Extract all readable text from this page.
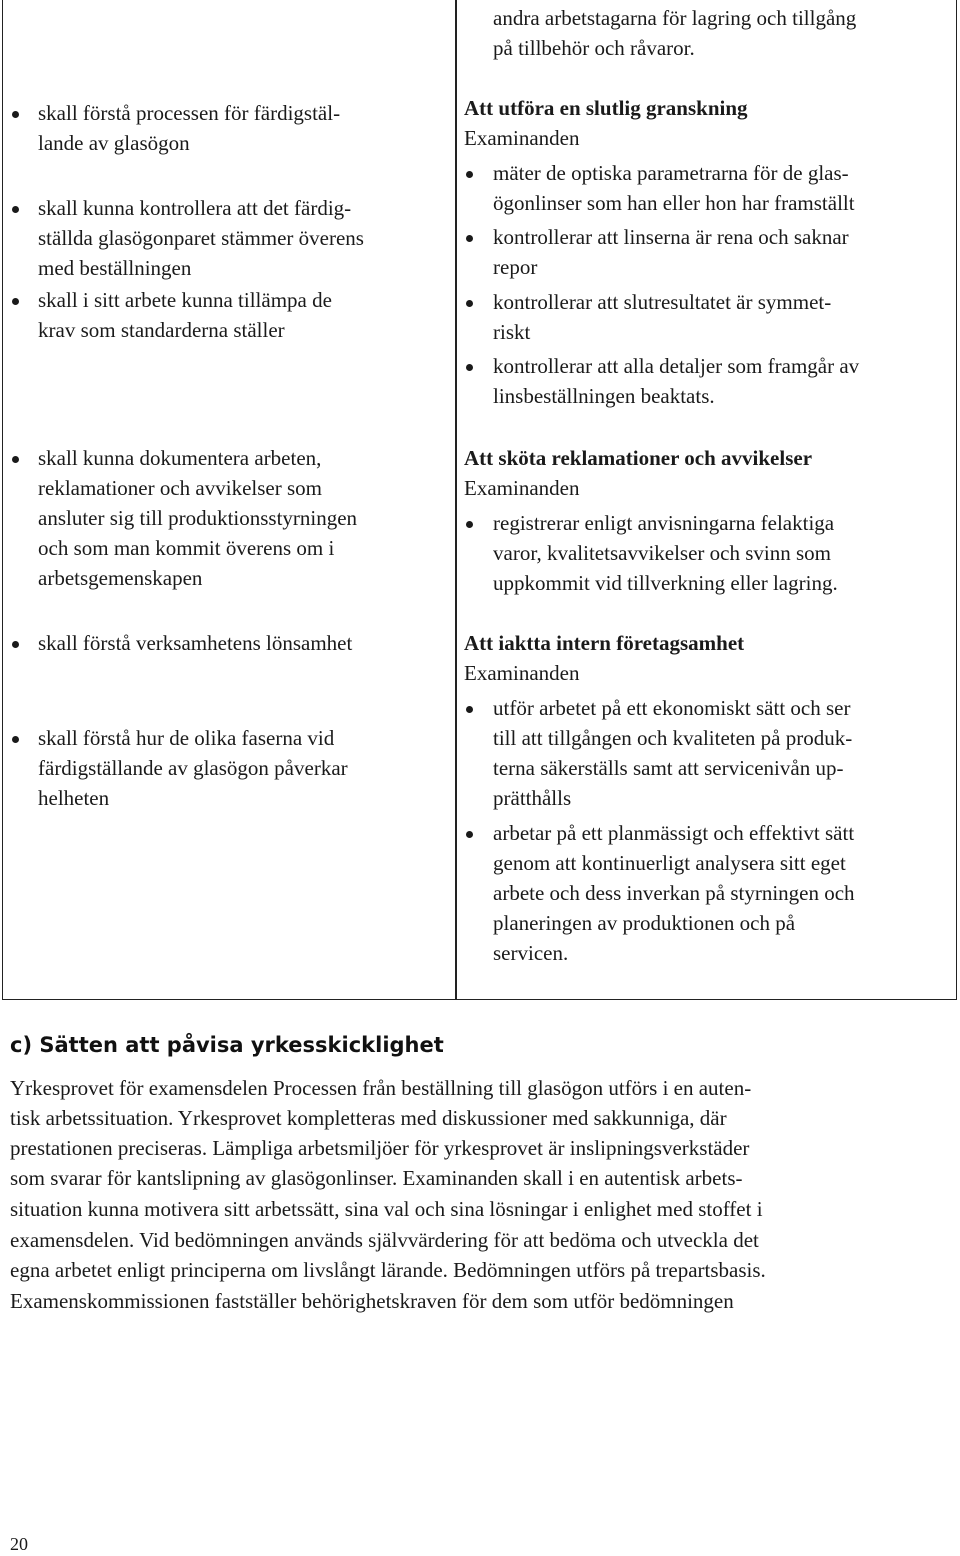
skall förstå processen för färdigstäl-
lande av glasögon
skall kunna kontrollera att det färdig-
ställda glasögonparet stämmer överens
med beställningen
skall i sitt arbete kunna tillämpa de
krav som standarderna ställer
skall kunna dokumentera arbeten,
reklamationer och avvikelser som
ansluter sig till produktionsstyrningen
och som man kommit överens om i
arbetsgemenskapen
skall förstå verksamhetens lönsamhet
skall förstå hur de olika faserna vid
färdigställande av glasögon påverkar
helheten
andra arbetstagarna för lagring och tillgång
på tillbehör och råvaror.
Att utföra en slutlig granskning
Examinanden
mäter de optiska parametrarna för de glas-
ögonlinser som han eller hon har framställt
kontrollerar att linserna är rena och saknar
repor
kontrollerar att slutresultatet är symmet-
riskt
kontrollerar att alla detaljer som framgår av
linsbeställningen beaktats.
Att sköta reklamationer och avvikelser
Examinanden
registrerar enligt anvisningarna felaktiga
varor, kvalitetsavvikelser och svinn som
uppkommit vid tillverkning eller lagring.
Att iaktta intern företagsamhet
Examinanden
utför arbetet på ett ekonomiskt sätt och ser
till att tillgången och kvaliteten på produk-
terna säkerställs samt att servicenivån up-
prätthålls
arbetar på ett planmässigt och effektivt sätt
genom att kontinuerligt analysera sitt eget
arbete och dess inverkan på styrningen och
planeringen av produktionen och på
servicen.
c) Sätten att påvisa yrkesskicklighet
Yrkesprovet för examensdelen Processen från beställning till glasögon utförs i en auten-
tisk arbetssituation. Yrkesprovet kompletteras med diskussioner med sakkunniga, där
prestationen preciseras. Lämpliga arbetsmiljöer för yrkesprovet är inslipningsverkstäder
som svarar för kantslipning av glasögonlinser. Examinanden skall i en autentisk arbets-
situation kunna motivera sitt arbetssätt, sina val och sina lösningar i enlighet med stoffet i
examensdelen. Vid bedömningen används självvärdering för att bedöma och utveckla det
egna arbetet enligt principerna om livslångt lärande. Bedömningen utförs på trepartsbasis.
Examenskommissionen fastställer behörighetskraven för dem som utför bedömningen
20
